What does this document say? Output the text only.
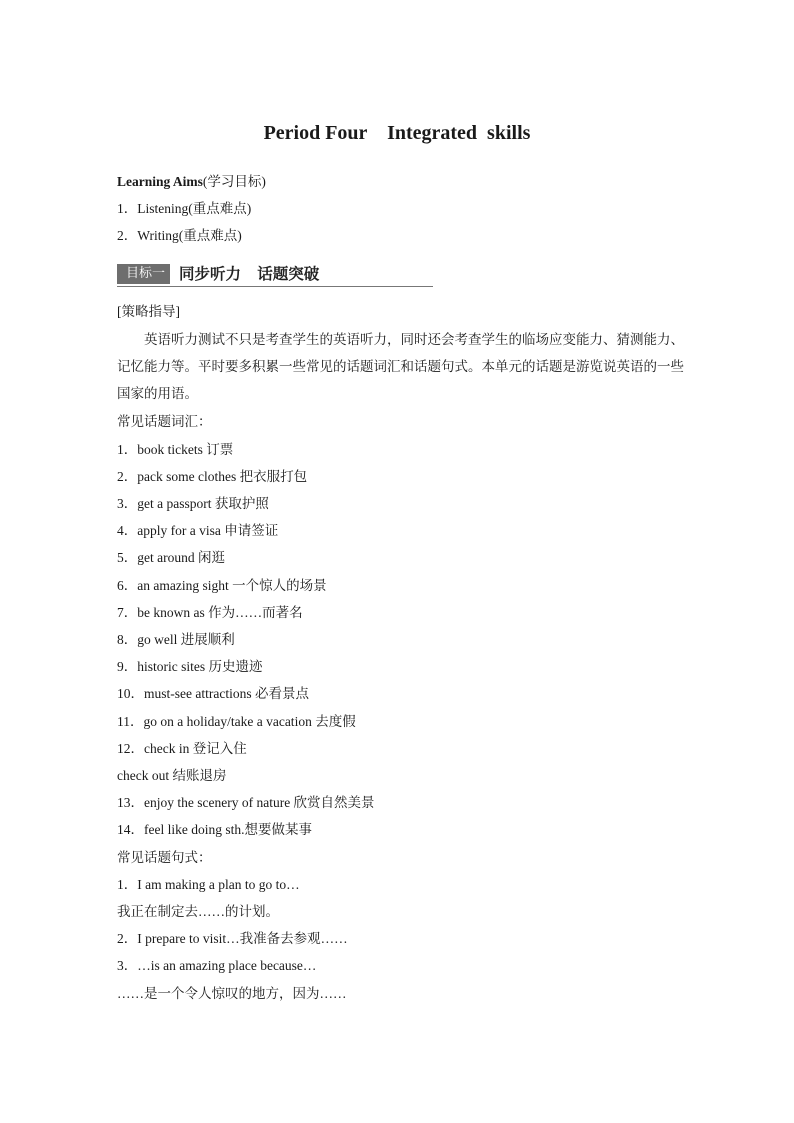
Period Four    Integrated  skills
Learning Aims(学习目标)
1．Listening(重点难点)
2．Writing(重点难点)
目标一 同步听力   话题突破
[策略指导]
英语听力测试不只是考查学生的英语听力，同时还会考查学生的临场应变能力、猜测能力、记忆能力等。平时要多积累一些常见的话题词汇和话题句式。本单元的话题是游览说英语的一些国家的用语。
常见话题词汇：
1．book tickets 订票
2．pack some clothes 把衣服打包
3．get a passport 获取护照
4．apply for a visa 申请签证
5．get around 闲逛
6．an amazing sight 一个惊人的场景
7．be known as 作为……而著名
8．go well 进展顺利
9．historic sites 历史遗迹
10．must-see attractions 必看景点
11．go on a holiday/take a vacation 去度假
12．check in 登记入住
check out 结账退房
13．enjoy the scenery of nature 欣赏自然美景
14．feel like doing sth.想要做某事
常见话题句式：
1．I am making a plan to go to…
我正在制定去……的计划。
2．I prepare to visit…我准备去参观……
3．…is an amazing place because…
……是一个令人惊叹的地方，因为……
